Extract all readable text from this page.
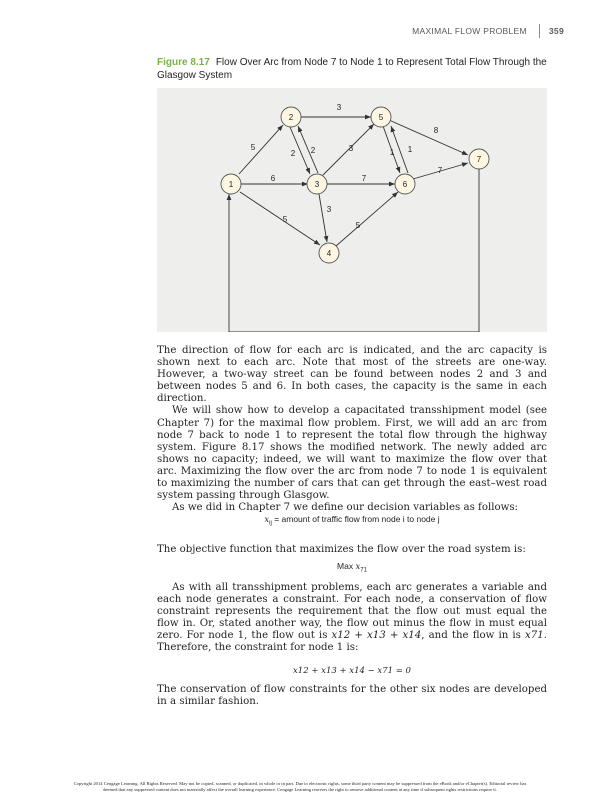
MAXIMAL FLOW PROBLEM	359
Figure 8.17 Flow Over Arc from Node 7 to Node 1 to Represent Total Flow Through the Glasgow System
5
6
5
2 2
3
3
7
3
5
1 1
8
7
1
2
3
4
5
6
7

The direction of flow for each arc is indicated, and the arc capacity is shown next to each arc. Note that most of the streets are one-way. However, a two-way street can be found between nodes 2 and 3 and between nodes 5 and 6. In both cases, the capacity is the same in each direction.

We will show how to develop a capacitated transshipment model (see Chapter 7) for the maximal flow problem. First, we will add an arc from node 7 back to node 1 to represent the total flow through the highway system. Figure 8.17 shows the modified network. The newly added arc shows no capacity; indeed, we will want to maximize the flow over that arc. Maximizing the flow over the arc from node 7 to node 1 is equivalent to maximizing the number of cars that can get through the east–west road system passing through Glasgow.

As we did in Chapter 7 we define our decision variables as follows:

$x_{ij}$ = amount of traffic flow from node i to node j

The objective function that maximizes the flow over the road system is:

Max $x_{71}$

As with all transshipment problems, each arc generates a variable and each node generates a constraint. For each node, a conservation of flow constraint represents the requirement that the flow out must equal the flow in. Or, stated another way, the flow out minus the flow in must equal zero. For node 1, the flow out is x12 + x13 + x14, and the flow in is x71. Therefore, the constraint for node 1 is:

x12 + x13 + x14 − x71 = 0

The conservation of flow constraints for the other six nodes are developed in a similar fashion.

Copyright 2014 Cengage Learning. All Rights Reserved. May not be copied, scanned, or duplicated, in whole or in part. Due to electronic rights, some third party content may be suppressed from the eBook and/or eChapter(s). Editorial review has
deemed that any suppressed content does not materially affect the overall learning experience. Cengage Learning reserves the right to remove additional content at any time if subsequent rights restrictions require it.
